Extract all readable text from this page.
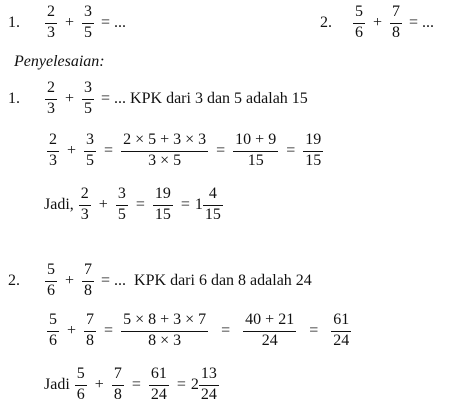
1. $\frac{2}{3} + \frac{3}{5}$ = ...	2. $\frac{5}{6} + \frac{7}{8}$ = ...
Penyelesaian:
1. $\frac{2}{3} + \frac{3}{5}$ = ... KPK dari 3 dan 5 adalah 15
$\frac{2}{3} + \frac{3}{5} = \frac{2 \times 5 + 3 \times 3}{3 \times 5} = \frac{10 + 9}{15} = \frac{19}{15}$
Jadi, $\frac{2}{3} + \frac{3}{5} = \frac{19}{15} = 1 \frac{4}{15}$
2. $\frac{5}{6} + \frac{7}{8}$ = ...  KPK dari 6 dan 8 adalah 24
$\frac{5}{6} + \frac{7}{8} = \frac{5 \times 8 + 3 \times 7}{8 \times 3} = \frac{40 + 21}{24} = \frac{61}{24}$
Jadi $\frac{5}{6} + \frac{7}{8} = \frac{61}{24} = 2 \frac{13}{24}$
